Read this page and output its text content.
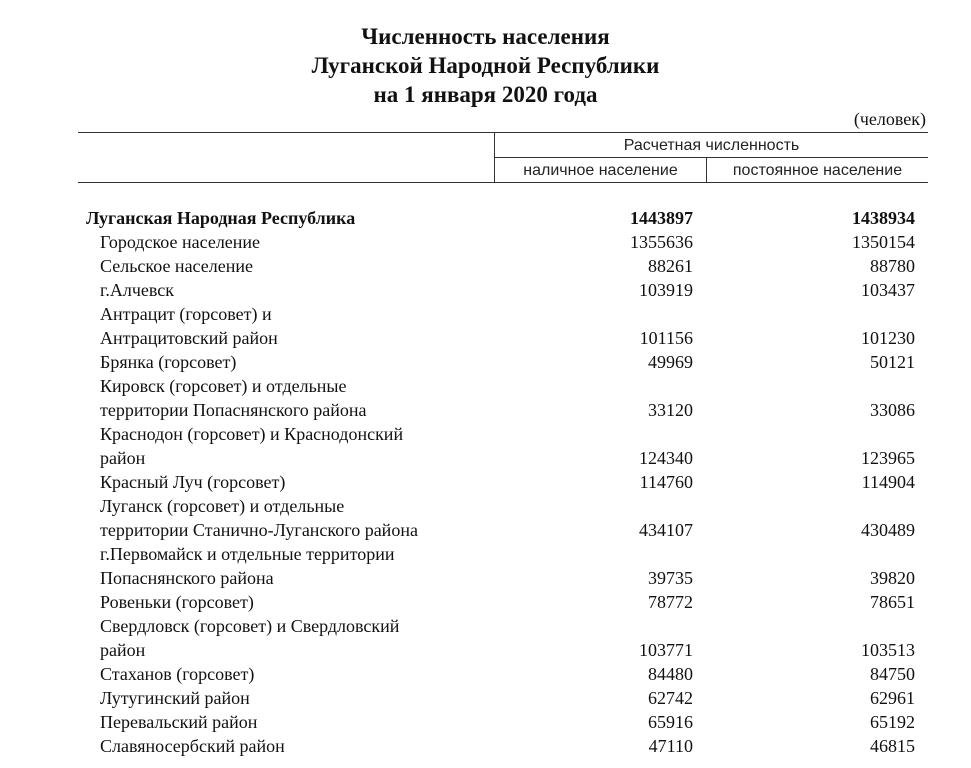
Численность населения
Луганской Народной Республики
на 1 января 2020 года
(человек)
Расчетная численность
наличное население	постоянное население
Луганская Народная Республика	1443897	1438934
Городское население	1355636	1350154
Сельское население	88261	88780
г.Алчевск	103919	103437
Антрацит (горсовет) и
Антрацитовский район	101156	101230
Брянка (горсовет)	49969	50121
Кировск (горсовет) и отдельные
территории Попаснянского района	33120	33086
Краснодон (горсовет) и Краснодонский
район	124340	123965
Красный Луч (горсовет)	114760	114904
Луганск (горсовет) и отдельные
территории Станично-Луганского района	434107	430489
г.Первомайск и отдельные территории
Попаснянского района	39735	39820
Ровеньки (горсовет)	78772	78651
Свердловск (горсовет) и Свердловский
район	103771	103513
Стаханов (горсовет)	84480	84750
Лутугинский район	62742	62961
Перевальский район	65916	65192
Славяносербский район	47110	46815
